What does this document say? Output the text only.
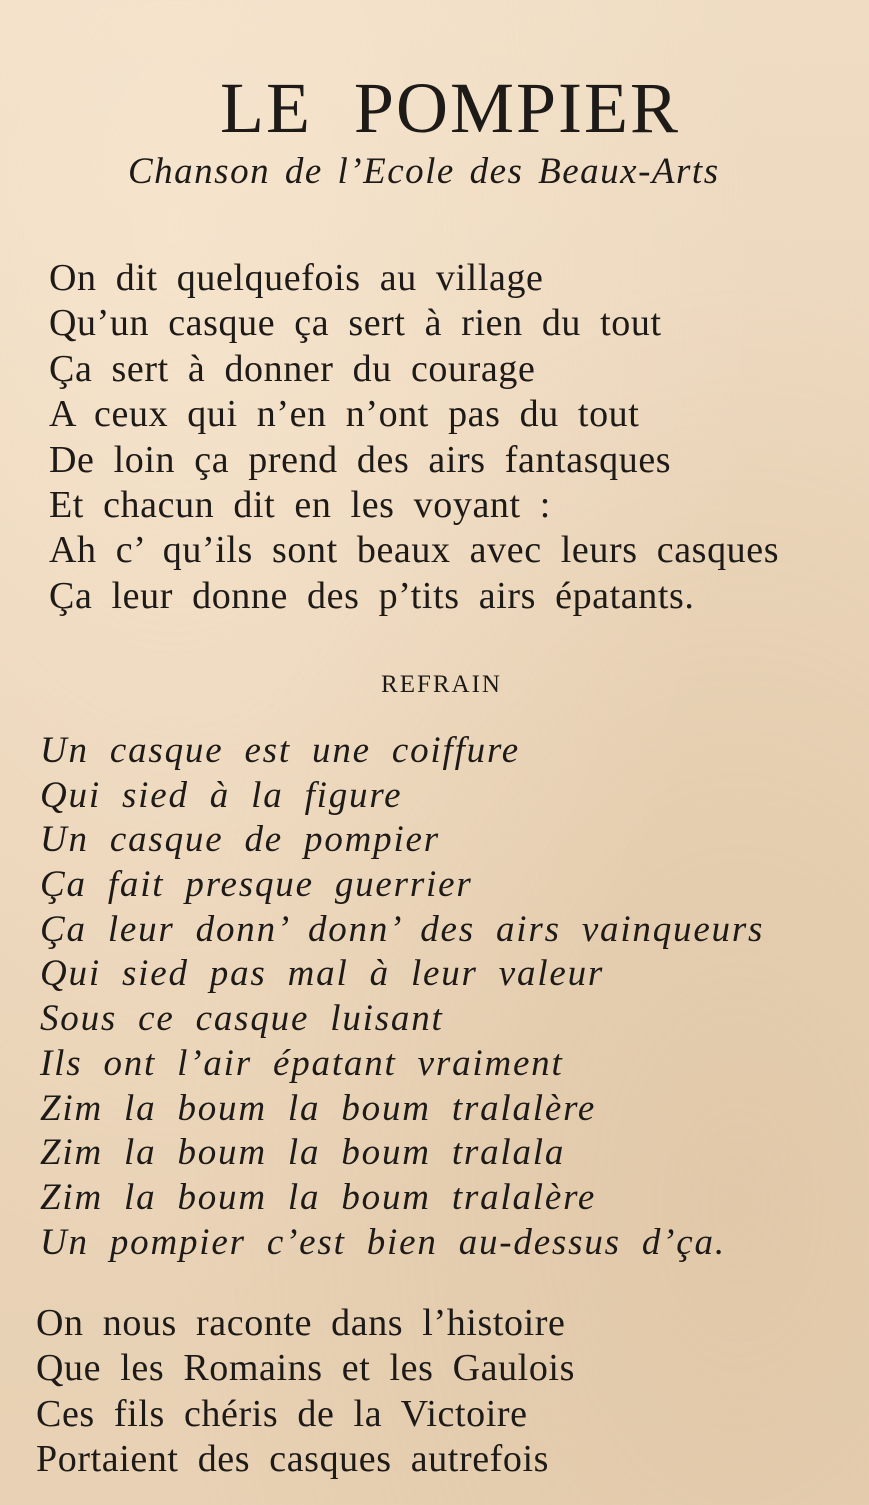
LE POMPIER

Chanson de l’Ecole des Beaux-Arts

On dit quelquefois au village
Qu’un casque ça sert à rien du tout
Ça sert à donner du courage
A ceux qui n’en n’ont pas du tout
De loin ça prend des airs fantasques
Et chacun dit en les voyant :
Ah c’ qu’ils sont beaux avec leurs casques
Ça leur donne des p’tits airs épatants.
REFRAIN
Un casque est une coiffure
Qui sied à la figure
Un casque de pompier
Ça fait presque guerrier
Ça leur donn’ donn’ des airs vainqueurs
Qui sied pas mal à leur valeur
Sous ce casque luisant
Ils ont l’air épatant vraiment
Zim la boum la boum tralalère
Zim la boum la boum tralala
Zim la boum la boum tralalère
Un pompier c’est bien au-dessus d’ça.
On nous raconte dans l’histoire
Que les Romains et les Gaulois
Ces fils chéris de la Victoire
Portaient des casques autrefois
